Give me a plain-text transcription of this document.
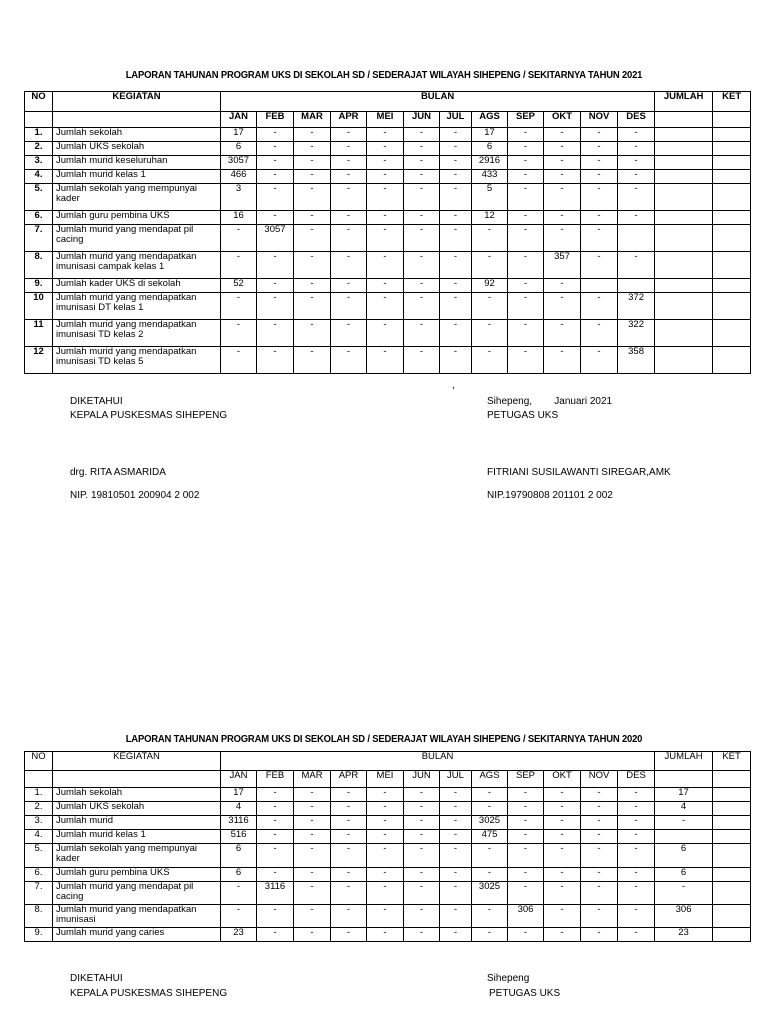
LAPORAN TAHUNAN PROGRAM UKS DI SEKOLAH SD / SEDERAJAT WILAYAH SIHEPENG / SEKITARNYA TAHUN 2021
NO	KEGIATAN	BULAN												JUMLAH	KET
		JAN	FEB	MAR	APR	MEI	JUN	JUL	AGS	SEP	OKT	NOV	DES		
1.	Jumlah sekolah	17	-	-	-	-	-	-	17	-	-	-	-		
2.	Jumlah UKS sekolah	6	-	-	-	-	-	-	6	-	-	-	-		
3.	Jumlah murid keseluruhan	3057	-	-	-	-	-	-	2916	-	-	-	-		
4.	Jumlah murid kelas 1	466	-	-	-	-	-	-	433	-	-	-	-		
5.	Jumlah sekolah yang mempunyai kader	3	-	-	-	-	-	-	5	-	-	-	-		
6.	Jumlah guru pembina UKS	16	-	-	-	-	-	-	12	-	-	-	-		
7.	Jumlah murid yang mendapat pil cacing	-	3057	-	-	-	-	-	-	-	-	-			
8.	Jumlah murid yang mendapatkan imunisasi campak kelas 1	-	-	-	-	-	-	-	-	-	357	-	-		
9.	Jumlah kader UKS di sekolah	52	-	-	-	-	-	-	92	-	-				
10	Jumlah murid yang mendapatkan imunisasi DT kelas 1	-	-	-	-	-	-	-	-	-	-	-	372		
11	Jumlah murid yang mendapatkan imunisasi TD kelas 2	-	-	-	-	-	-	-	-	-	-	-	322		
12	Jumlah murid yang mendapatkan imunisasi TD kelas 5	-	-	-	-	-	-	-	-	-	-	-	358		
DIKETAHUI
KEPALA PUSKESMAS SIHEPENG
,
Sihepeng,        Januari 2021
PETUGAS UKS
drg. RITA ASMARIDA
NIP. 19810501 200904 2 002
FITRIANI SUSILAWANTI SIREGAR,AMK
NIP.19790808 201101 2 002
LAPORAN TAHUNAN PROGRAM UKS DI SEKOLAH SD / SEDERAJAT WILAYAH SIHEPENG / SEKITARNYA TAHUN 2020
NO	KEGIATAN	BULAN												JUMLAH	KET
		JAN	FEB	MAR	APR	MEI	JUN	JUL	AGS	SEP	OKT	NOV	DES		
1.	Jumlah sekolah	17	-	-	-	-	-	-	-	-	-	-	-	17	
2.	Jumlah UKS sekolah	4	-	-	-	-	-	-	-	-	-	-	-	4	
3.	Jumlah murid	3116	-	-	-	-	-	-	3025	-	-	-	-	-	
4.	Jumlah murid kelas 1	516	-	-	-	-	-	-	475	-	-	-	-		
5.	Jumlah sekolah yang mempunyai kader	6	-	-	-	-	-	-	-	-	-	-	-	6	
6.	Jumlah guru pembina UKS	6	-	-	-	-	-	-	-	-	-	-	-	6	
7.	Jumlah murid yang mendapat pil cacing	-	3116	-	-	-	-	-	3025	-	-	-	-	-	
8.	Jumlah murid yang mendapatkan imunisasi	-	-	-	-	-	-	-	-	306	-	-	-	306	
9.	Jumlah murid yang caries	23	-	-	-	-	-	-	-	-	-	-	-	23	
DIKETAHUI
KEPALA PUSKESMAS SIHEPENG
Sihepeng
PETUGAS UKS
